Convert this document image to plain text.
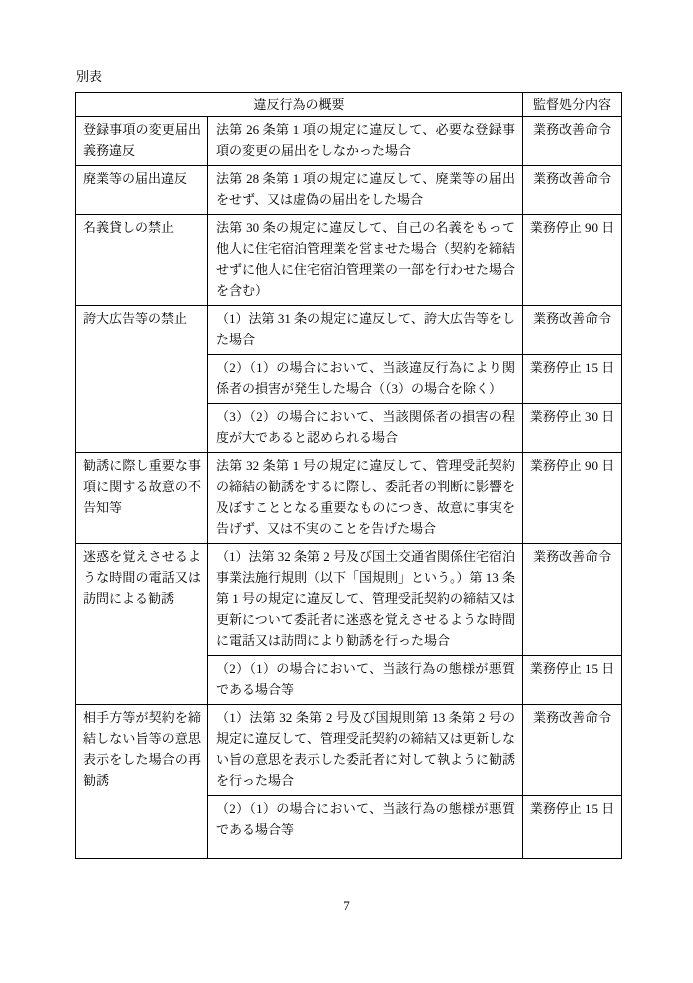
別表
違反行為の概要		監督処分内容
登録事項の変更届出義務違反	法第 26 条第 1 項の規定に違反して、必要な登録事項の変更の届出をしなかった場合	業務改善命令
廃業等の届出違反	法第 28 条第 1 項の規定に違反して、廃業等の届出をせず、又は虚偽の届出をした場合	業務改善命令
名義貸しの禁止	法第 30 条の規定に違反して、自己の名義をもって他人に住宅宿泊管理業を営ませた場合（契約を締結せずに他人に住宅宿泊管理業の一部を行わせた場合を含む）	業務停止 90 日
誇大広告等の禁止	（1）法第 31 条の規定に違反して、誇大広告等をした場合	業務改善命令
	（2）（1）の場合において、当該違反行為により関係者の損害が発生した場合（（3）の場合を除く）	業務停止 15 日
	（3）（2）の場合において、当該関係者の損害の程度が大であると認められる場合	業務停止 30 日
勧誘に際し重要な事項に関する故意の不告知等	法第 32 条第 1 号の規定に違反して、管理受託契約の締結の勧誘をするに際し、委託者の判断に影響を及ぼすこととなる重要なものにつき、故意に事実を告げず、又は不実のことを告げた場合	業務停止 90 日
迷惑を覚えさせるような時間の電話又は訪問による勧誘	（1）法第 32 条第 2 号及び国土交通省関係住宅宿泊事業法施行規則（以下「国規則」という。）第 13 条第 1 号の規定に違反して、管理受託契約の締結又は更新について委託者に迷惑を覚えさせるような時間に電話又は訪問により勧誘を行った場合	業務改善命令
	（2）（1）の場合において、当該行為の態様が悪質である場合等	業務停止 15 日
相手方等が契約を締結しない旨等の意思表示をした場合の再勧誘	（1）法第 32 条第 2 号及び国規則第 13 条第 2 号の規定に違反して、管理受託契約の締結又は更新しない旨の意思を表示した委託者に対して執ように勧誘を行った場合	業務改善命令
	（2）（1）の場合において、当該行為の態様が悪質である場合等	業務停止 15 日
7
